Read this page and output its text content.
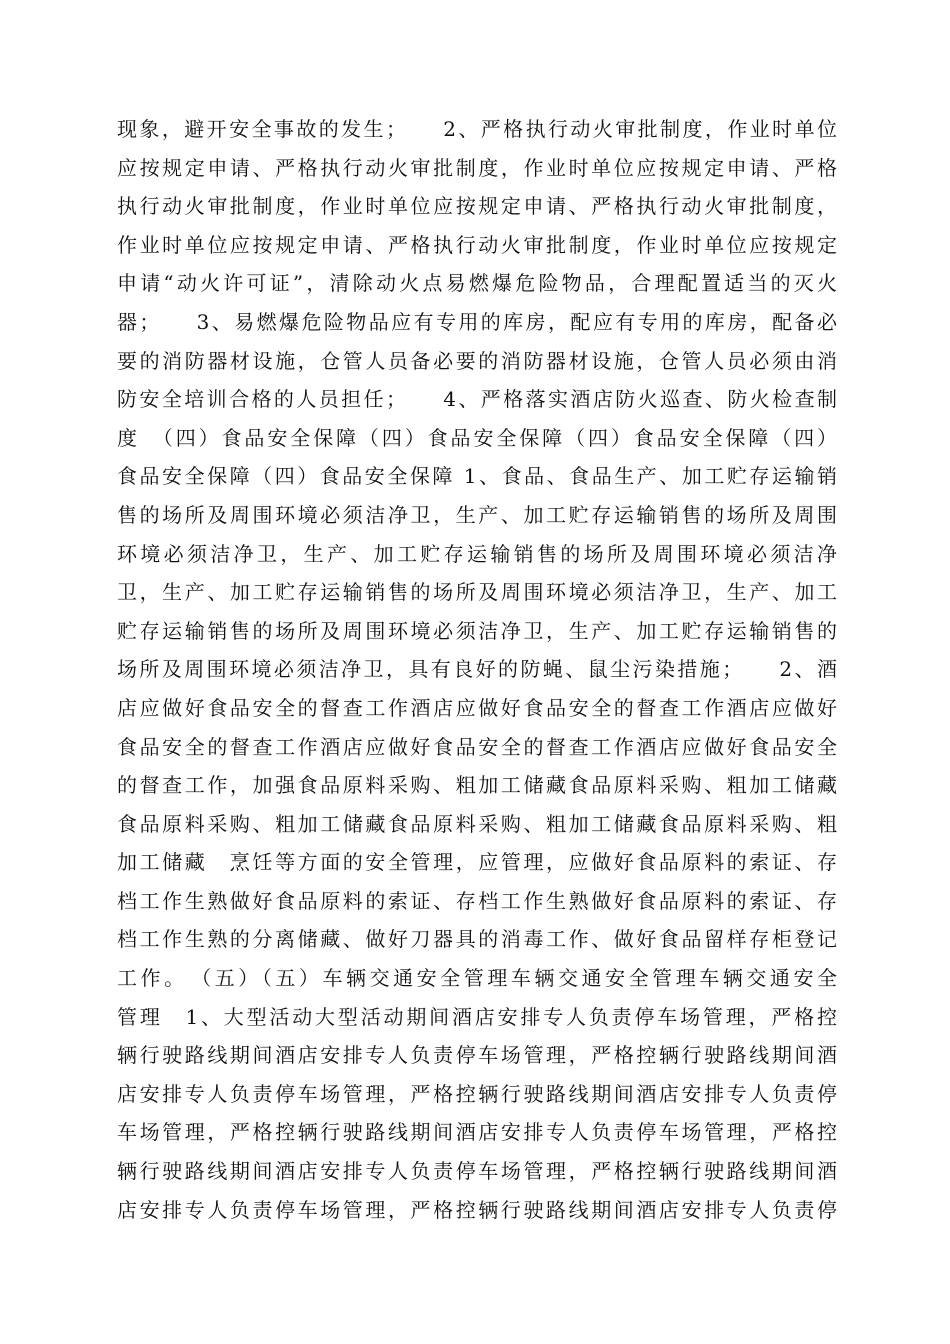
现象，避开安全事故的发生；　　2、严格执行动火审批制度，作业时单位
应按规定申请、严格执行动火审批制度，作业时单位应按规定申请、严格
执行动火审批制度，作业时单位应按规定申请、严格执行动火审批制度，
作业时单位应按规定申请、严格执行动火审批制度，作业时单位应按规定
申请“动火许可证”，清除动火点易燃爆危险物品，合理配置适当的灭火
器；　　3、易燃爆危险物品应有专用的库房，配应有专用的库房，配备必
要的消防器材设施，仓管人员备必要的消防器材设施，仓管人员必须由消
防安全培训合格的人员担任；　　4、严格落实酒店防火巡查、防火检查制
度　（四）食品安全保障（四）食品安全保障（四）食品安全保障（四）
食品安全保障（四）食品安全保障 1、食品、食品生产、加工贮存运输销
售的场所及周围环境必须洁净卫，生产、加工贮存运输销售的场所及周围
环境必须洁净卫，生产、加工贮存运输销售的场所及周围环境必须洁净
卫，生产、加工贮存运输销售的场所及周围环境必须洁净卫，生产、加工
贮存运输销售的场所及周围环境必须洁净卫，生产、加工贮存运输销售的
场所及周围环境必须洁净卫，具有良好的防蝇、鼠尘污染措施；　　2、酒
店应做好食品安全的督查工作酒店应做好食品安全的督查工作酒店应做好
食品安全的督查工作酒店应做好食品安全的督查工作酒店应做好食品安全
的督查工作，加强食品原料采购、粗加工储藏食品原料采购、粗加工储藏
食品原料采购、粗加工储藏食品原料采购、粗加工储藏食品原料采购、粗
加工储藏　烹饪等方面的安全管理，应管理，应做好食品原料的索证、存
档工作生熟做好食品原料的索证、存档工作生熟做好食品原料的索证、存
档工作生熟的分离储藏、做好刀器具的消毒工作、做好食品留样存柜登记
工作。　（五）（五）车辆交通安全管理车辆交通安全管理车辆交通安全
管理　1、大型活动大型活动期间酒店安排专人负责停车场管理，严格控
辆行驶路线期间酒店安排专人负责停车场管理，严格控辆行驶路线期间酒
店安排专人负责停车场管理，严格控辆行驶路线期间酒店安排专人负责停
车场管理，严格控辆行驶路线期间酒店安排专人负责停车场管理，严格控
辆行驶路线期间酒店安排专人负责停车场管理，严格控辆行驶路线期间酒
店安排专人负责停车场管理，严格控辆行驶路线期间酒店安排专人负责停
